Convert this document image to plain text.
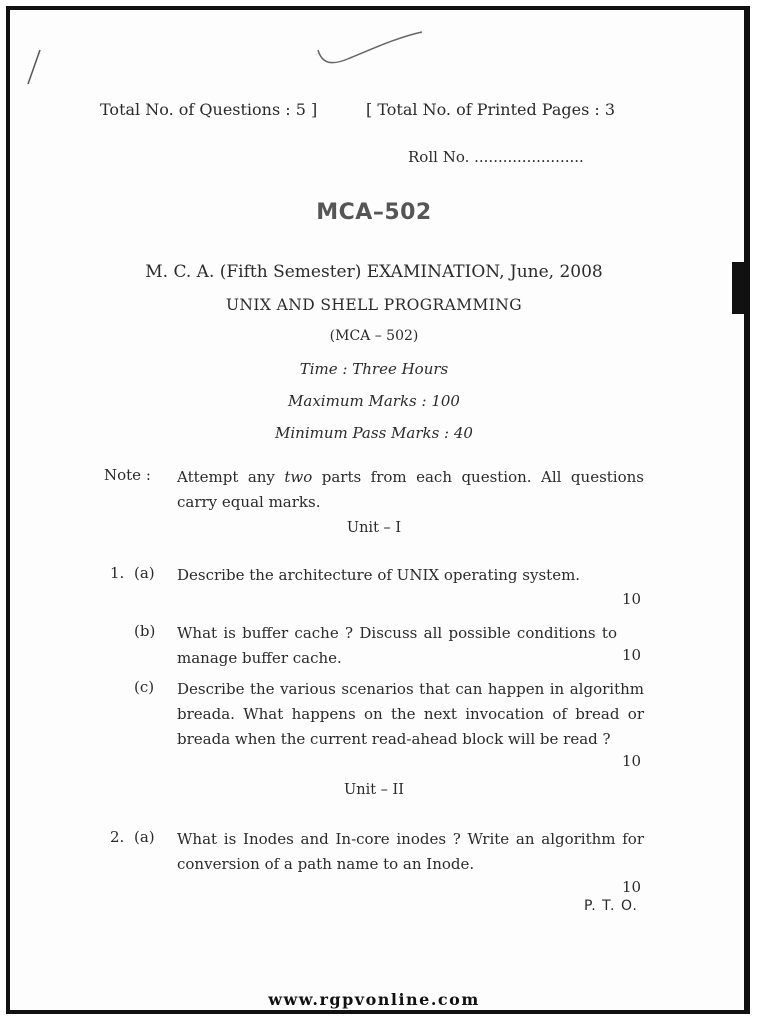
Total No. of Questions : 5 ]	[ Total No. of Printed Pages : 3
Roll No. .......................
MCA–502
M. C. A. (Fifth Semester) EXAMINATION, June, 2008
UNIX AND SHELL PROGRAMMING
(MCA – 502)
Time : Three Hours
Maximum Marks : 100
Minimum Pass Marks : 40
Note : Attempt any two parts from each question. All questions carry equal marks.
Unit – I
1. (a) Describe the architecture of UNIX operating system.
10
(b) What is buffer cache ? Discuss all possible conditions to manage buffer cache.	10
(c) Describe the various scenarios that can happen in algorithm breada. What happens on the next invocation of bread or breada when the current read-ahead block will be read ?
10
Unit – II
2. (a) What is Inodes and In-core inodes ? Write an algorithm for conversion of a path name to an Inode.
10
P. T. O.
www.rgpvonline.com
